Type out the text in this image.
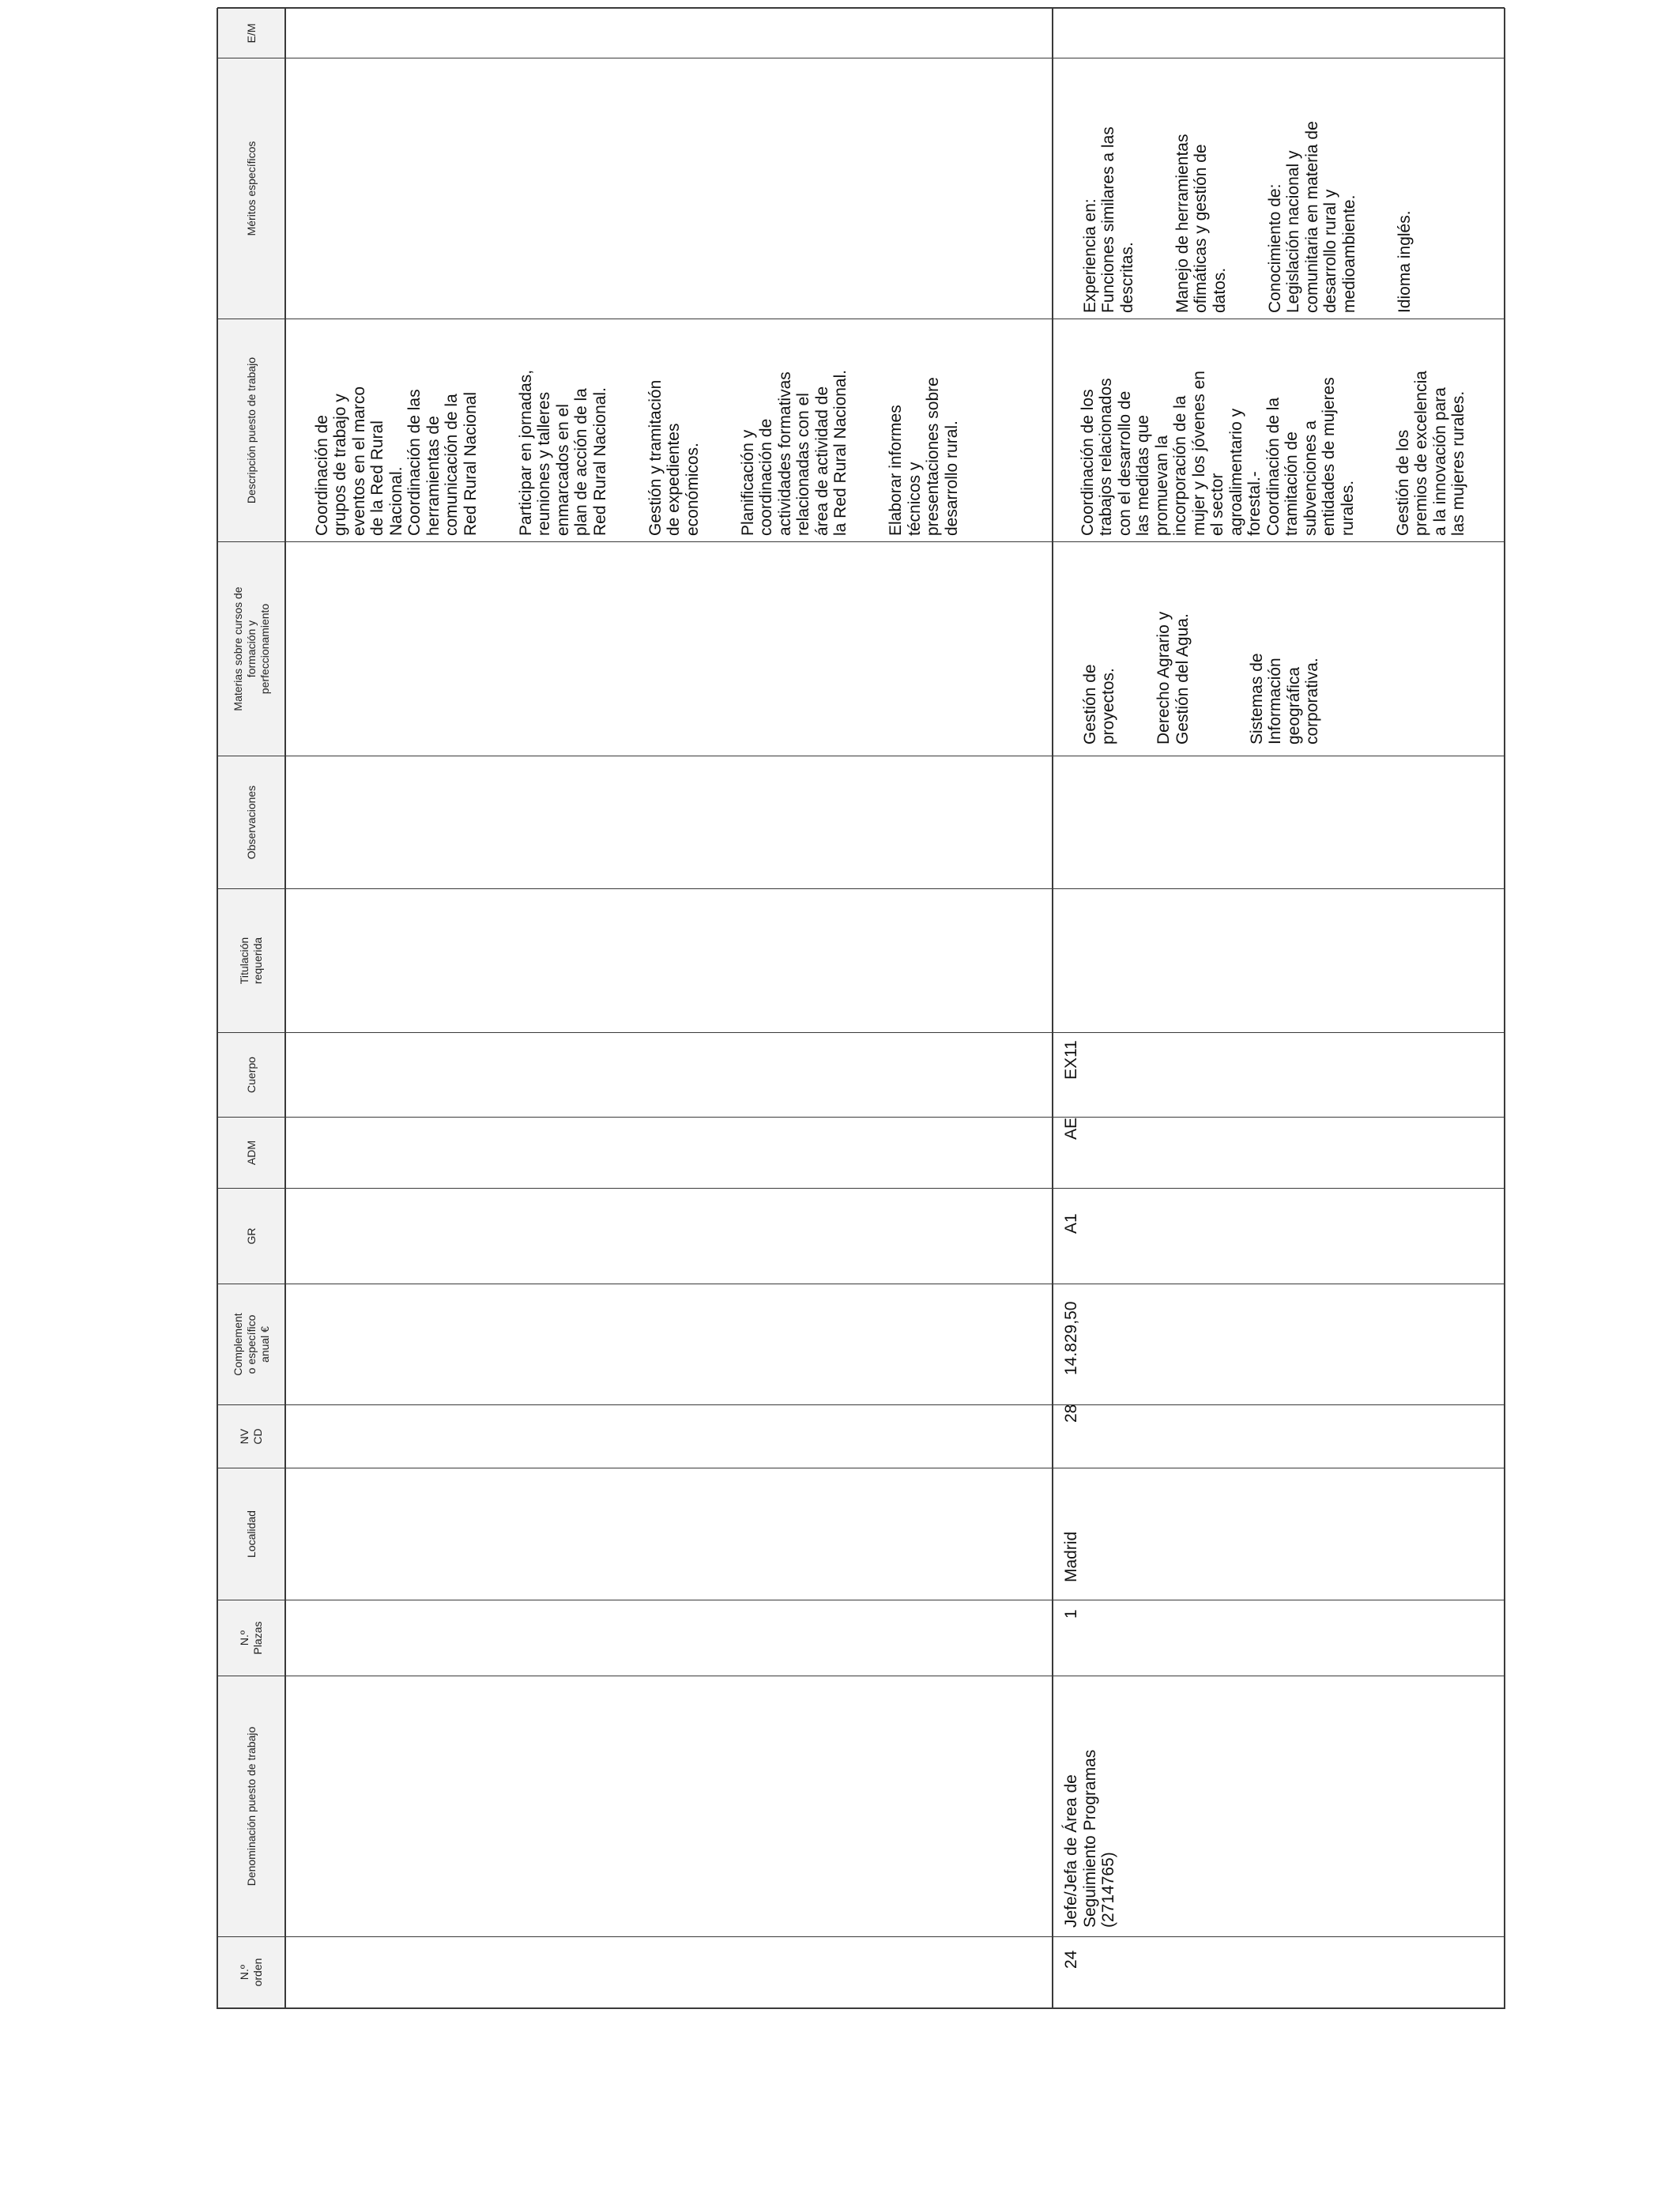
N.º
orden
Denominación puesto de trabajo
N.º
Plazas
Localidad
NV
CD
Complement
o específico
anual €
GR
ADM
Cuerpo
Titulación
requerida
Observaciones
Materias sobre cursos de
formación y
perfeccionamiento
Descripción puesto de trabajo
Méritos específicos
E/M

Coordinación de
grupos de trabajo y
eventos en el marco
de la Red Rural
Nacional.
Coordinación de las
herramientas de
comunicación de la
Red Rural Nacional

Participar en jornadas,
reuniones y talleres
enmarcados en el
plan de acción de la
Red Rural Nacional.

Gestión y tramitación
de expedientes
económicos. Planificación y
coordinación de
actividades formativas
relacionadas con el
área de actividad de
la Red Rural Nacional.

Elaborar informes
técnicos y
presentaciones sobre
desarrollo rural.

24
Jefe/Jefa de Área de
Seguimiento Programas
(2714765)
1
Madrid
28
14.829,50
A1
AE
EX11

Gestión de
proyectos. Derecho Agrario y
Gestión del Agua.

Sistemas de
Información
geográfica
corporativa.

Coordinación de los
trabajos relacionados
con el desarrollo de
las medidas que
promuevan la
incorporación de la
mujer y los jóvenes en
el sector
agroalimentario y
forestal.-
Coordinación de la
tramitación de
subvenciones a
entidades de mujeres
rurales. Gestión de los
premios de excelencia
a la innovación para
las mujeres rurales.

Experiencia en:
Funciones similares a las
descritas. Manejo de herramientas
ofimáticas y gestión de
datos. Conocimiento de:
Legislación nacional y
comunitaria en materia de
desarrollo rural y
medioambiente. Idioma inglés.
